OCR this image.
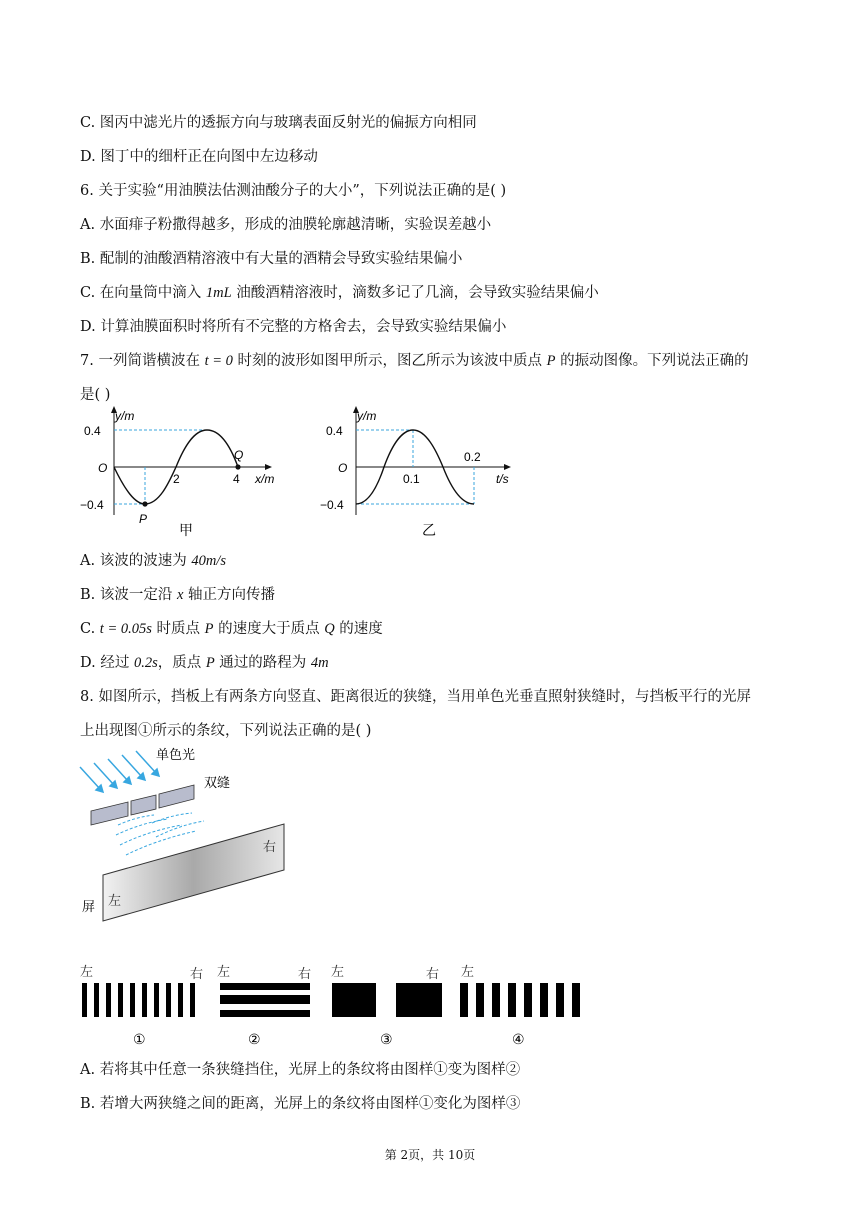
C. 图丙中滤光片的透振方向与玻璃表面反射光的偏振方向相同
D. 图丁中的细杆正在向图中左边移动
6. 关于实验“用油膜法估测油酸分子的大小”，下列说法正确的是( )
A. 水面痱子粉撒得越多，形成的油膜轮廓越清晰，实验误差越小
B. 配制的油酸酒精溶液中有大量的酒精会导致实验结果偏小
C. 在向量筒中滴入 1mL 油酸酒精溶液时，滴数多记了几滴，会导致实验结果偏小
D. 计算油膜面积时将所有不完整的方格舍去，会导致实验结果偏小
7. 一列简谐横波在 t = 0 时刻的波形如图甲所示，图乙所示为该波中质点 P 的振动图像。下列说法正确的
是( )
y/m
0.4
O
−0.4
2	4 x/m
P
Q
甲
y/m
0.4
O
−0.4
0.1
0.2
t/s
乙
A. 该波的波速为 40m/s
B. 该波一定沿 x 轴正方向传播
C. t = 0.05s 时质点 P 的速度大于质点 Q 的速度
D. 经过 0.2s，质点 P 通过的路程为 4m
8. 如图所示，挡板上有两条方向竖直、距离很近的狭缝，当用单色光垂直照射狭缝时，与挡板平行的光屏
上出现图①所示的条纹，下列说法正确的是( )
单色光
双缝
右
左
屏
左	右 左	右 左	右 左
①	②	③	④
A. 若将其中任意一条狭缝挡住，光屏上的条纹将由图样①变为图样②
B. 若增大两狭缝之间的距离，光屏上的条纹将由图样①变化为图样③
第 2页，共 10页
